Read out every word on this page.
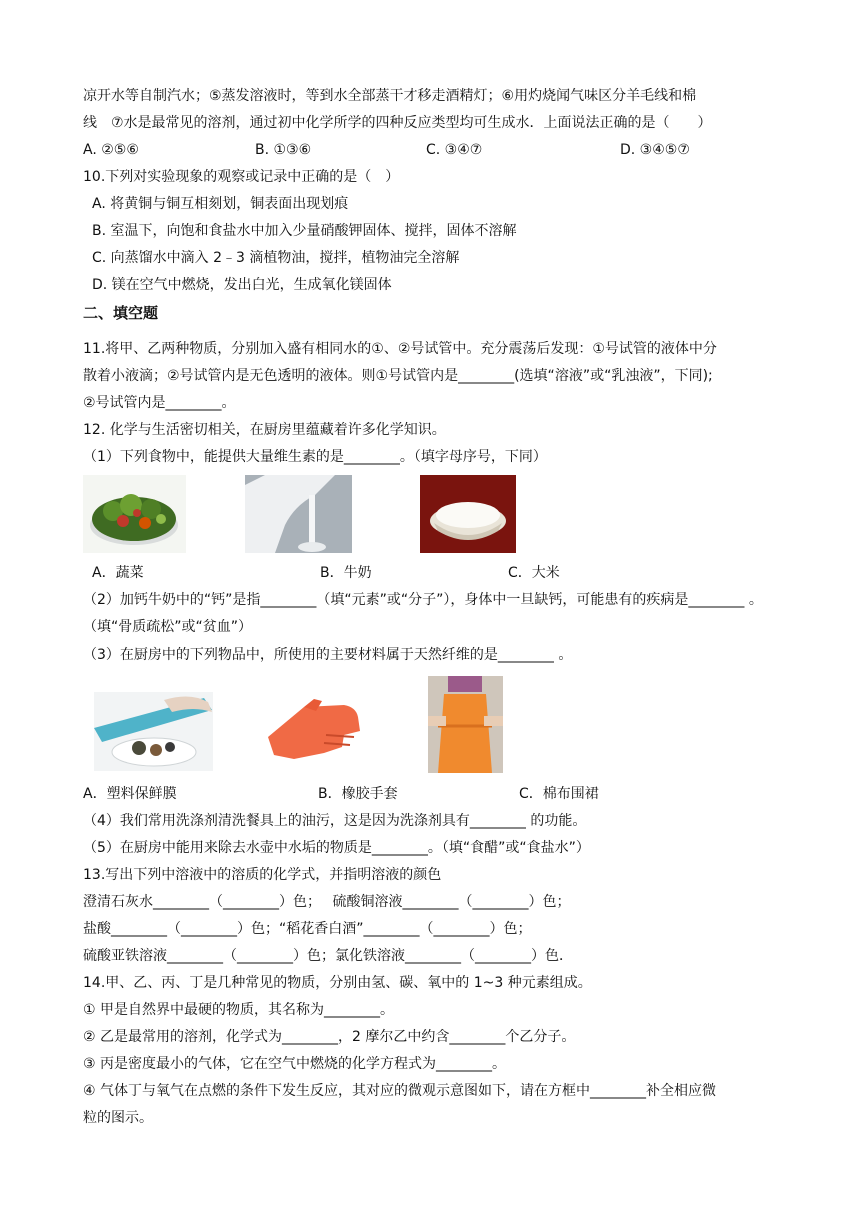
凉开水等自制汽水；⑤蒸发溶液时，等到水全部蒸干才移走酒精灯；⑥用灼烧闻气味区分羊毛线和棉
线　⑦水是最常见的溶剂，通过初中化学所学的四种反应类型均可生成水．上面说法正确的是（　　）
A. ②⑤⑥	B. ①③⑥	C. ③④⑦	D. ③④⑤⑦
10.下列对实验现象的观察或记录中正确的是（　）
A. 将黄铜与铜互相刻划，铜表面出现划痕
B. 室温下，向饱和食盐水中加入少量硝酸钾固体、搅拌，固体不溶解
C. 向蒸馏水中滴入 2﹣3 滴植物油，搅拌，植物油完全溶解
D. 镁在空气中燃烧，发出白光，生成氧化镁固体
二、填空题
11.将甲、乙两种物质，分别加入盛有相同水的①、②号试管中。充分震荡后发现：①号试管的液体中分
散着小液滴；②号试管内是无色透明的液体。则①号试管内是________(选填“溶液”或“乳浊液”，下同);
②号试管内是________。
12. 化学与生活密切相关，在厨房里蕴藏着许多化学知识。
（1）下列食物中，能提供大量维生素的是________。（填字母序号，下同）
A．蔬菜	B．牛奶	C．大米
（2）加钙牛奶中的“钙”是指________（填“元素”或“分子”），身体中一旦缺钙，可能患有的疾病是________ 。
（填“骨质疏松”或“贫血”）
（3）在厨房中的下列物品中，所使用的主要材料属于天然纤维的是________ 。
A．塑料保鲜膜	B．橡胶手套	C．棉布围裙
（4）我们常用洗涤剂清洗餐具上的油污，这是因为洗涤剂具有________ 的功能。
（5）在厨房中能用来除去水壶中水垢的物质是________。（填“食醋”或“食盐水”）
13.写出下列中溶液中的溶质的化学式，并指明溶液的颜色
澄清石灰水________（________）色；　 硫酸铜溶液________（________）色；
盐酸________（________）色；“稻花香白酒”________（________）色；
硫酸亚铁溶液________（________）色；氯化铁溶液________（________）色．
14.甲、乙、丙、丁是几种常见的物质，分别由氢、碳、氧中的 1~3 种元素组成。
① 甲是自然界中最硬的物质，其名称为________。
② 乙是最常用的溶剂，化学式为________，2 摩尔乙中约含________个乙分子。
③ 丙是密度最小的气体，它在空气中燃烧的化学方程式为________。
④ 气体丁与氧气在点燃的条件下发生反应，其对应的微观示意图如下，请在方框中________补全相应微
粒的图示。
